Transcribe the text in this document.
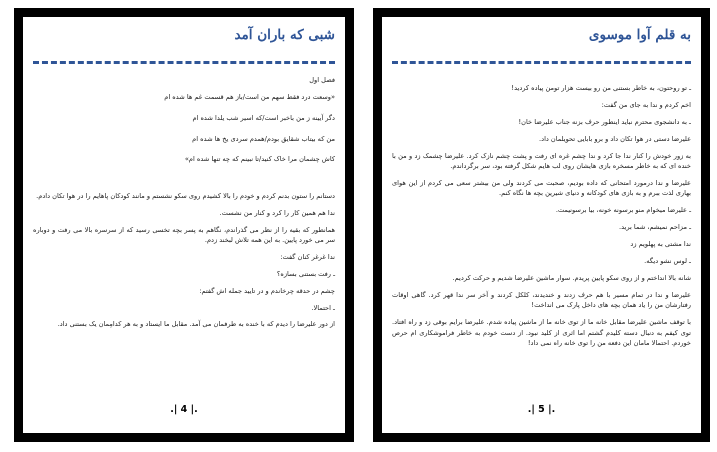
شبی که باران آمد

فصل اول

«وسعت درد فقط سهم من است/باز هم قسمت غم ها شده ام

دگر آیینه ز من باخبر است/که اسیر شب یلدا شده ام

من که بیتاب شقایق بودم/همدم سردی یخ ها شده ام

کاش چشمان مرا خاک کنید/تا نبینم که چه تنها شده ام»

دستانم را ستون بدنم کردم و خودم را بالا کشیدم روی سکو نشستم و مانند کودکان پاهایم را در هوا تکان دادم.

ندا هم همین کار را کرد و کنار من نشست.

همانطور که بقیه را از نظر می گذراندم، نگاهم به پسر بچه تخسی رسید که از سرسره بالا می رفت و دوباره سر می خورد پایین. به این همه تلاش لبخند زدم.

ندا غرغر کنان گفت:

ـ رفت بستنی بسازه؟

چشم در حدقه چرخاندم و در تایید جمله اش گفتم:

ـ احتمالا.

از دور علیرضا را دیدم که با خنده به طرفمان می آمد. مقابل ما ایستاد و به هر کدامِمان یک بستنی داد.

.| 4 |.
به قلم آوا موسوی

ـ تو روحتون، به خاطر بستنی من رو بیست هزار تومن پیاده کردید!

اخم کردم و ندا به جای من گفت:

ـ به دانشجوی محترم نباید اینطور حرف بزنه جناب علیرضا خان!

علیرضا دستی در هوا تکان داد و برو بابایی تحویلمان داد.

به زور خودش را کنار ندا جا کرد و ندا چشم غره ای رفت و پشت چشم نازک کرد. علیرضا چشمک زد و من با خنده ای که به خاطر مسخره بازی هایشان روی لب هایم شکل گرفته بود، سر برگرداندم.

علیرضا و ندا درمورد امتحانی که داده بودیم، صحبت می کردند ولی من بیشتر سعی می کردم از این هوای بهاری لذت ببرم و به بازی های کودکانه و دنیای شیرین بچه ها نگاه کنم.

ـ علیرضا میخوام منو برسونه خونه، بیا برسونیمت.

ـ مزاحم نمیشم، شما برید.

ندا مشتی به پهلویم زد

ـ لوس نشو دیگه.

شانه بالا انداختم و از روی سکو پایین پریدم. سوار ماشین علیرضا شدیم و حرکت کردیم.

علیرضا و ندا در تمام مسیر با هم حرف زدند و خندیدند، کلکل کردند و آخر سر ندا قهر کرد. گاهی اوقات رفتارشان من را یاد همان بچه های داخل پارک می انداخت!

با توقف ماشین علیرضا مقابل خانه ما از توی خانه ما از ماشین پیاده شدم. علیرضا برایم بوقی زد و راه افتاد. توی کیفم به دنبال دسته کلیدم گشتم اما اثری از کلید نبود. از دست خودم به خاطر فراموشکاری ام حرص خوردم. احتمالا مامان این دفعه من را توی خانه راه نمی داد!

.| 5 |.
